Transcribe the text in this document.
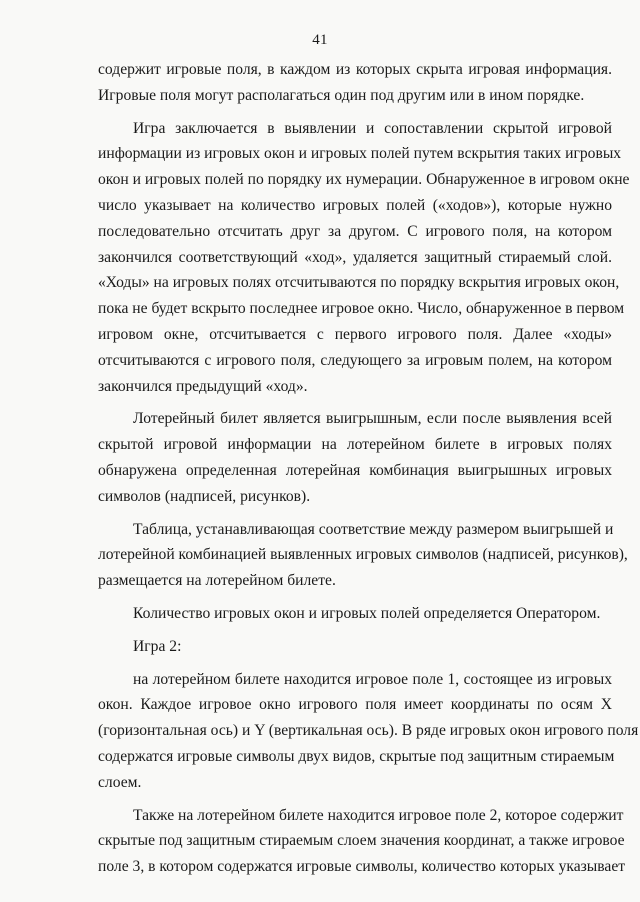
41
содержит игровые поля, в каждом из которых скрыта игровая информация.
Игровые поля могут располагаться один под другим или в ином порядке.
Игра заключается в выявлении и сопоставлении скрытой игровой
информации из игровых окон и игровых полей путем вскрытия таких игровых
окон и игровых полей по порядку их нумерации. Обнаруженное в игровом окне
число указывает на количество игровых полей («ходов»), которые нужно
последовательно отсчитать друг за другом. С игрового поля, на котором
закончился соответствующий «ход», удаляется защитный стираемый слой.
«Ходы» на игровых полях отсчитываются по порядку вскрытия игровых окон,
пока не будет вскрыто последнее игровое окно. Число, обнаруженное в первом
игровом окне, отсчитывается с первого игрового поля. Далее «ходы»
отсчитываются с игрового поля, следующего за игровым полем, на котором
закончился предыдущий «ход».
Лотерейный билет является выигрышным, если после выявления всей
скрытой игровой информации на лотерейном билете в игровых полях
обнаружена определенная лотерейная комбинация выигрышных игровых
символов (надписей, рисунков).
Таблица, устанавливающая соответствие между размером выигрышей и
лотерейной комбинацией выявленных игровых символов (надписей, рисунков),
размещается на лотерейном билете.
Количество игровых окон и игровых полей определяется Оператором.
Игра 2:
на лотерейном билете находится игровое поле 1, состоящее из игровых
окон. Каждое игровое окно игрового поля имеет координаты по осям X
(горизонтальная ось) и Y (вертикальная ось). В ряде игровых окон игрового поля
содержатся игровые символы двух видов, скрытые под защитным стираемым
слоем.
Также на лотерейном билете находится игровое поле 2, которое содержит
скрытые под защитным стираемым слоем значения координат, а также игровое
поле 3, в котором содержатся игровые символы, количество которых указывает
